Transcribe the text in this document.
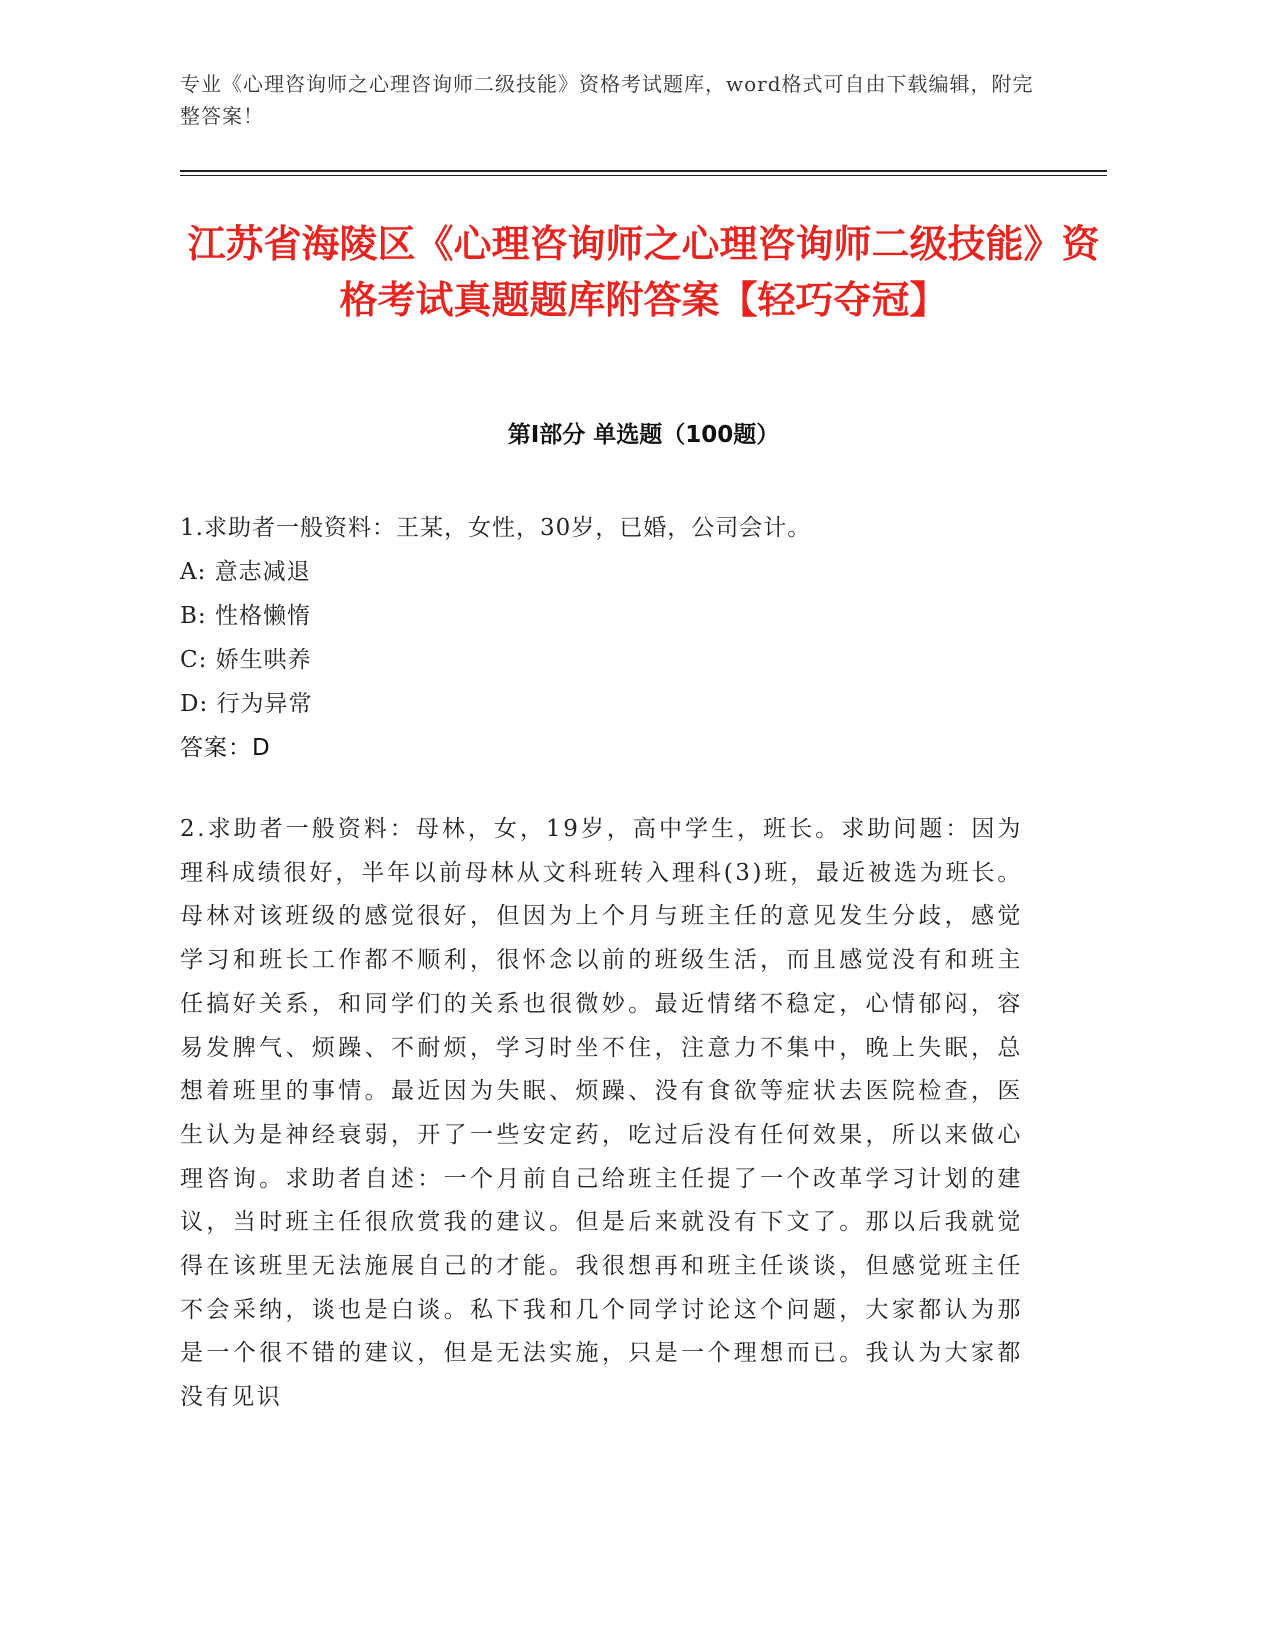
专业《心理咨询师之心理咨询师二级技能》资格考试题库，word格式可自由下载编辑，附完整答案！
江苏省海陵区《心理咨询师之心理咨询师二级技能》资格考试真题题库附答案【轻巧夺冠】
第Ⅰ部分 单选题（100题）
1.求助者一般资料：王某，女性，30岁，已婚，公司会计。
A: 意志减退
B: 性格懒惰
C: 娇生哄养
D: 行为异常
答案：D

2.求助者一般资料：母林，女，19岁，高中学生，班长。求助问题：因为理科成绩很好，半年以前母林从文科班转入理科(3)班，最近被选为班长。母林对该班级的感觉很好，但因为上个月与班主任的意见发生分歧，感觉学习和班长工作都不顺利，很怀念以前的班级生活，而且感觉没有和班主任搞好关系，和同学们的关系也很微妙。最近情绪不稳定，心情郁闷，容易发脾气、烦躁、不耐烦，学习时坐不住，注意力不集中，晚上失眠，总想着班里的事情。最近因为失眠、烦躁、没有食欲等症状去医院检查，医生认为是神经衰弱，开了一些安定药，吃过后没有任何效果，所以来做心理咨询。求助者自述：一个月前自己给班主任提了一个改革学习计划的建议，当时班主任很欣赏我的建议。但是后来就没有下文了。那以后我就觉得在该班里无法施展自己的才能。我很想再和班主任谈谈，但感觉班主任不会采纳，谈也是白谈。私下我和几个同学讨论这个问题，大家都认为那是一个很不错的建议，但是无法实施，只是一个理想而已。我认为大家都没有见识
